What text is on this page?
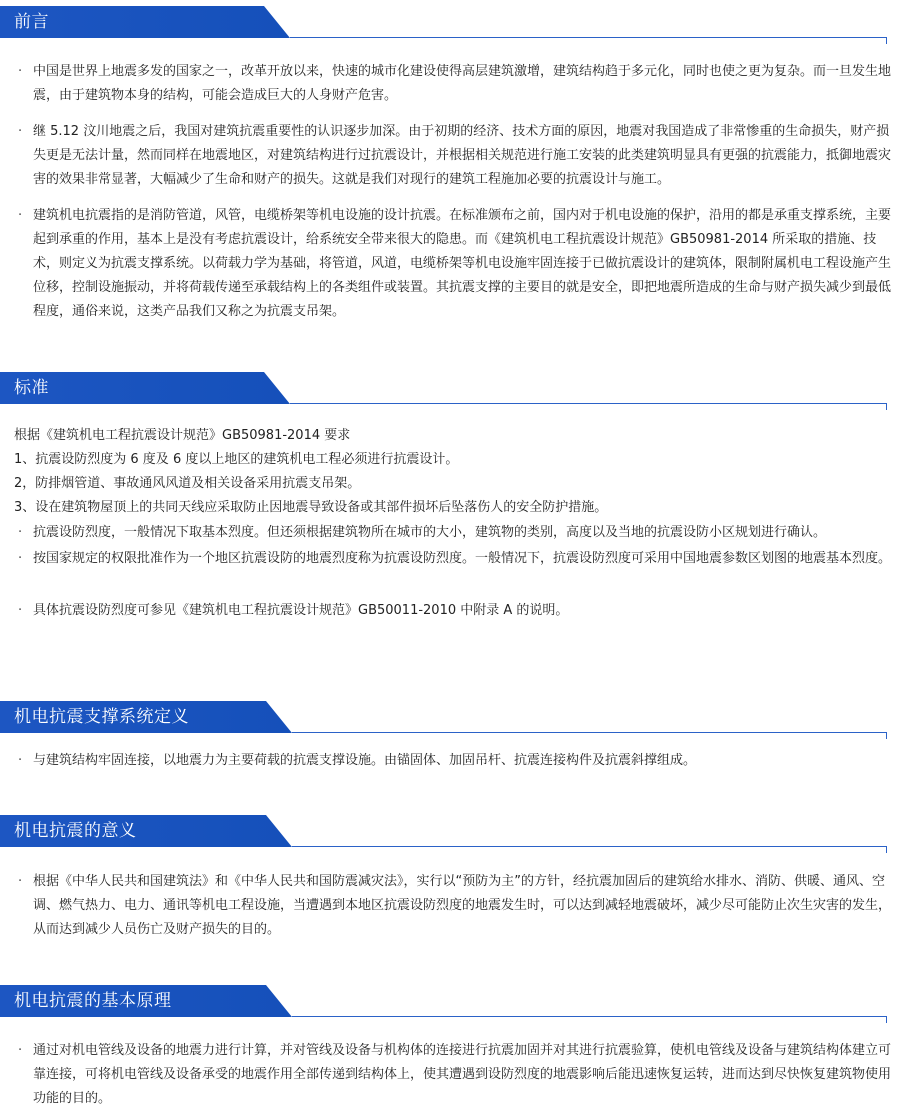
前言
· 中国是世界上地震多发的国家之一，改革开放以来，快速的城市化建设使得高层建筑激增，建筑结构趋于多元化，同时也使之更为复杂。而一旦发生地震，由于建筑物本身的结构，可能会造成巨大的人身财产危害。

· 继 5.12 汶川地震之后，我国对建筑抗震重要性的认识逐步加深。由于初期的经济、技术方面的原因，地震对我国造成了非常惨重的生命损失，财产损失更是无法计量，然而同样在地震地区，对建筑结构进行过抗震设计，并根据相关规范进行施工安装的此类建筑明显具有更强的抗震能力，抵御地震灾害的效果非常显著，大幅减少了生命和财产的损失。这就是我们对现行的建筑工程施加必要的抗震设计与施工。

· 建筑机电抗震指的是消防管道，风管，电缆桥架等机电设施的设计抗震。在标准颁布之前，国内对于机电设施的保护，沿用的都是承重支撑系统，主要起到承重的作用，基本上是没有考虑抗震设计，给系统安全带来很大的隐患。而《建筑机电工程抗震设计规范》GB50981-2014 所采取的措施、技术，则定义为抗震支撑系统。以荷载力学为基础，将管道，风道，电缆桥架等机电设施牢固连接于已做抗震设计的建筑体，限制附属机电工程设施产生位移，控制设施振动，并将荷载传递至承载结构上的各类组件或装置。其抗震支撑的主要目的就是安全，即把地震所造成的生命与财产损失减少到最低程度，通俗来说，这类产品我们又称之为抗震支吊架。

标准

根据《建筑机电工程抗震设计规范》GB50981-2014 要求

1、抗震设防烈度为 6 度及 6 度以上地区的建筑机电工程必须进行抗震设计。

2，防排烟管道、事故通风风道及相关设备采用抗震支吊架。

3、设在建筑物屋顶上的共同天线应采取防止因地震导致设备或其部件损坏后坠落伤人的安全防护措施。

· 抗震设防烈度，一般情况下取基本烈度。但还须根据建筑物所在城市的大小，建筑物的类别，高度以及当地的抗震设防小区规划进行确认。

· 按国家规定的权限批准作为一个地区抗震设防的地震烈度称为抗震设防烈度。一般情况下，抗震设防烈度可采用中国地震参数区划图的地震基本烈度。

· 具体抗震设防烈度可参见《建筑机电工程抗震设计规范》GB50011-2010 中附录 A 的说明。

机电抗震支撑系统定义
· 与建筑结构牢固连接，以地震力为主要荷载的抗震支撑设施。由锚固体、加固吊杆、抗震连接构件及抗震斜撑组成。

机电抗震的意义
· 根据《中华人民共和国建筑法》和《中华人民共和国防震减灾法》，实行以“预防为主”的方针，经抗震加固后的建筑给水排水、消防、供暖、通风、空调、燃气热力、电力、通讯等机电工程设施，当遭遇到本地区抗震设防烈度的地震发生时，可以达到减轻地震破坏，减少尽可能防止次生灾害的发生，从而达到减少人员伤亡及财产损失的目的。

机电抗震的基本原理
· 通过对机电管线及设备的地震力进行计算，并对管线及设备与机构体的连接进行抗震加固并对其进行抗震验算，使机电管线及设备与建筑结构体建立可靠连接，可将机电管线及设备承受的地震作用全部传递到结构体上，使其遭遇到设防烈度的地震影响后能迅速恢复运转，进而达到尽快恢复建筑物使用功能的目的。
